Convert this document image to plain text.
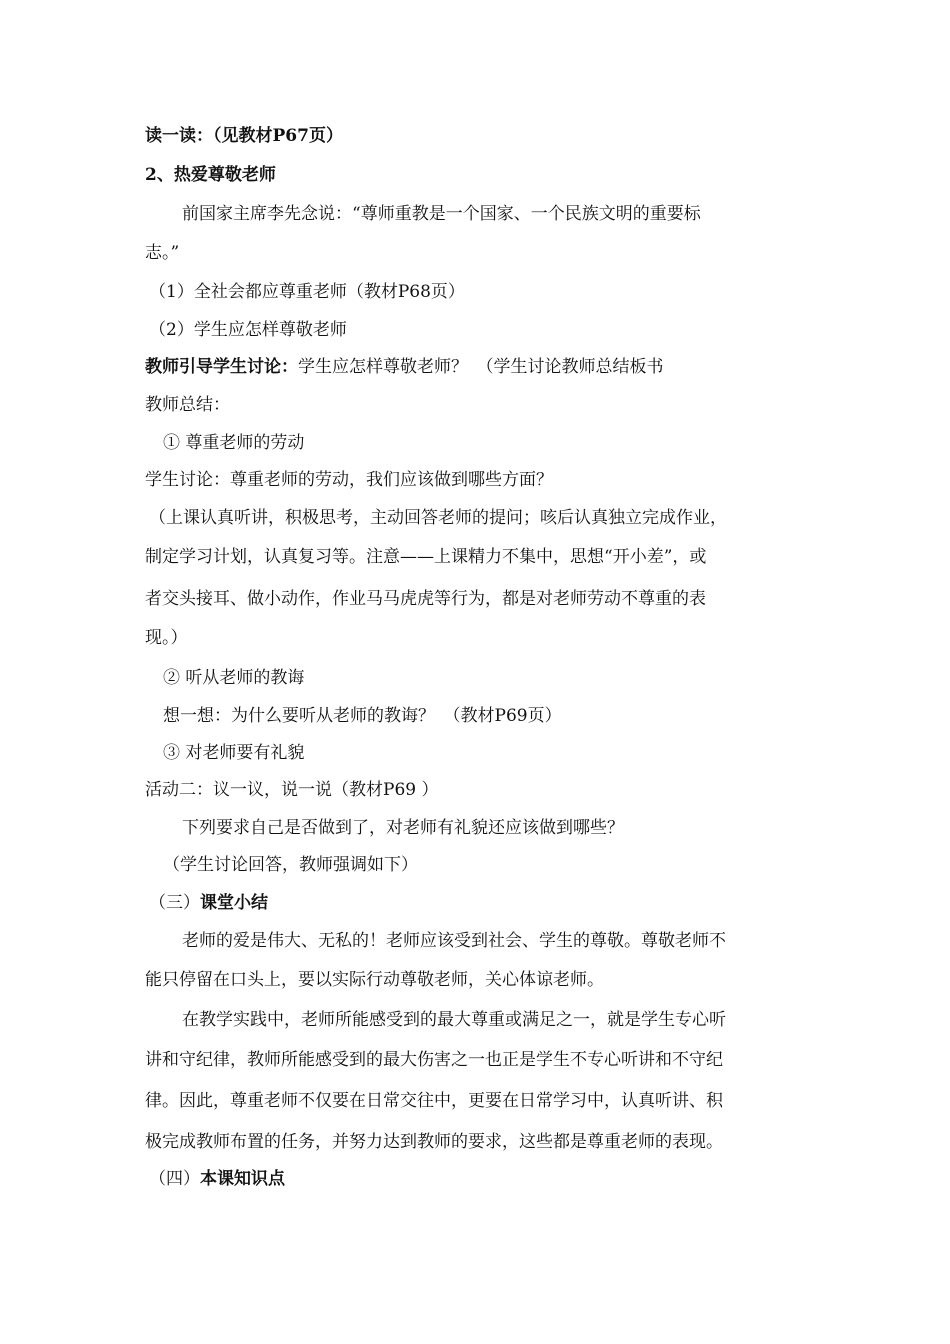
读一读：（见教材P67页）
2、热爱尊敬老师
前国家主席李先念说：“尊师重教是一个国家、一个民族文明的重要标
志。”
（1）全社会都应尊重老师（教材P68页）
（2）学生应怎样尊敬老师
教师引导学生讨论：学生应怎样尊敬老师？　（学生讨论教师总结板书
教师总结：
① 尊重老师的劳动
学生讨论：尊重老师的劳动，我们应该做到哪些方面？
（上课认真听讲，积极思考，主动回答老师的提问；咳后认真独立完成作业，
制定学习计划，认真复习等。注意——上课精力不集中，思想“开小差”，或
者交头接耳、做小动作，作业马马虎虎等行为，都是对老师劳动不尊重的表
现。）
② 听从老师的教诲
想一想：为什么要听从老师的教诲？　（教材P69页）
③ 对老师要有礼貌
活动二：议一议，说一说（教材P69 ）
下列要求自己是否做到了，对老师有礼貌还应该做到哪些？
（学生讨论回答，教师强调如下）
（三）课堂小结
老师的爱是伟大、无私的！老师应该受到社会、学生的尊敬。尊敬老师不
能只停留在口头上，要以实际行动尊敬老师，关心体谅老师。
在教学实践中，老师所能感受到的最大尊重或满足之一，就是学生专心听
讲和守纪律，教师所能感受到的最大伤害之一也正是学生不专心听讲和不守纪
律。因此，尊重老师不仅要在日常交往中，更要在日常学习中，认真听讲、积
极完成教师布置的任务，并努力达到教师的要求，这些都是尊重老师的表现。
（四）本课知识点
